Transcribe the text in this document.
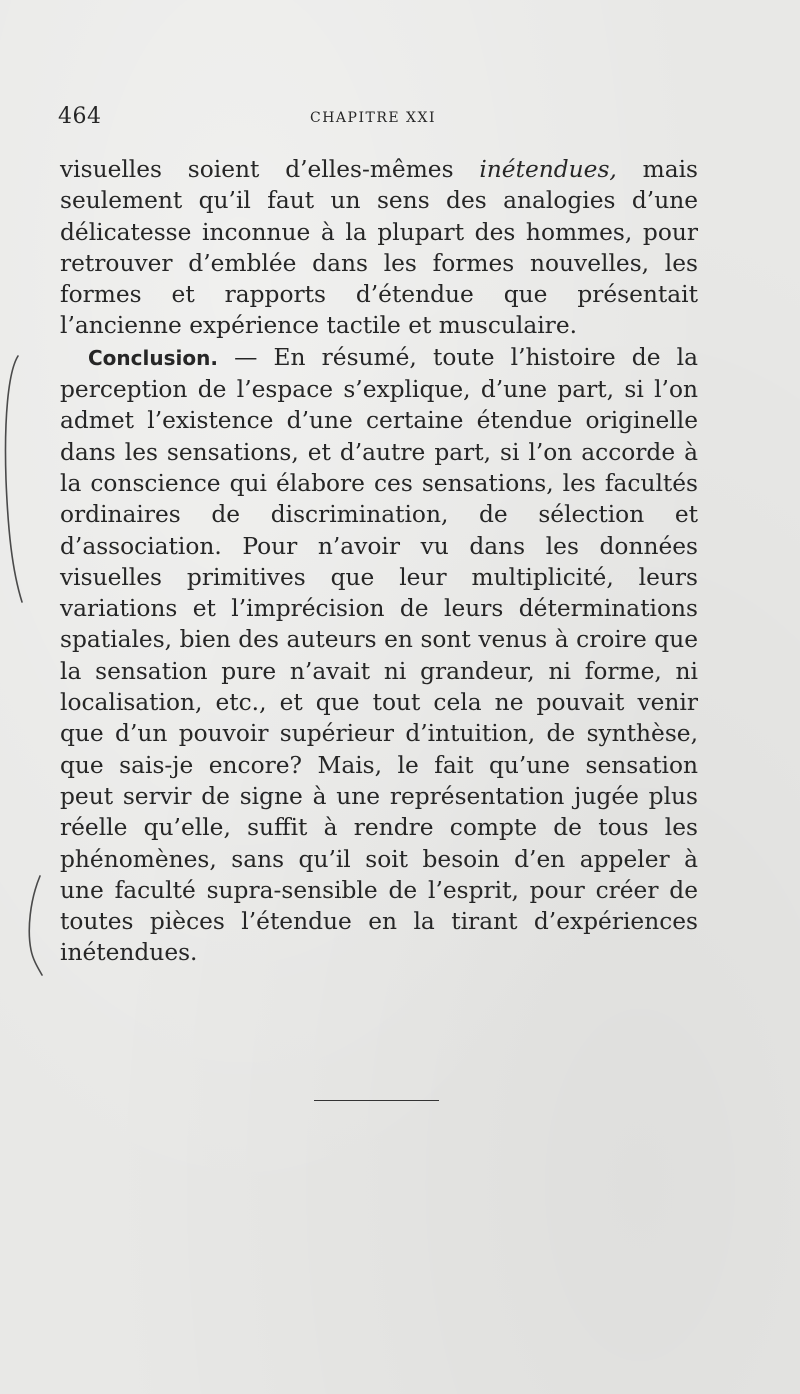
464	CHAPITRE XXI

visuelles soient d’elles-mêmes inétendues, mais seulement qu’il faut un sens des analogies d’une délicatesse inconnue à la plupart des hommes, pour retrouver d’emblée dans les formes nouvelles, les formes et rapports d’étendue que présentait l’ancienne expérience tactile et musculaire.

Conclusion. — En résumé, toute l’histoire de la perception de l’espace s’explique, d’une part, si l’on admet l’existence d’une certaine étendue originelle dans les sensations, et d’autre part, si l’on accorde à la conscience qui élabore ces sensations, les facultés ordinaires de discrimination, de sélection et d’association. Pour n’avoir vu dans les données visuelles primitives que leur multiplicité, leurs variations et l’imprécision de leurs déterminations spatiales, bien des auteurs en sont venus à croire que la sensation pure n’avait ni grandeur, ni forme, ni localisation, etc., et que tout cela ne pouvait venir que d’un pouvoir supérieur d’intuition, de synthèse, que sais-je encore? Mais, le fait qu’une sensation peut servir de signe à une représentation jugée plus réelle qu’elle, suffit à rendre compte de tous les phénomènes, sans qu’il soit besoin d’en appeler à une faculté supra-sensible de l’esprit, pour créer de toutes pièces l’étendue en la tirant d’expériences inétendues.
